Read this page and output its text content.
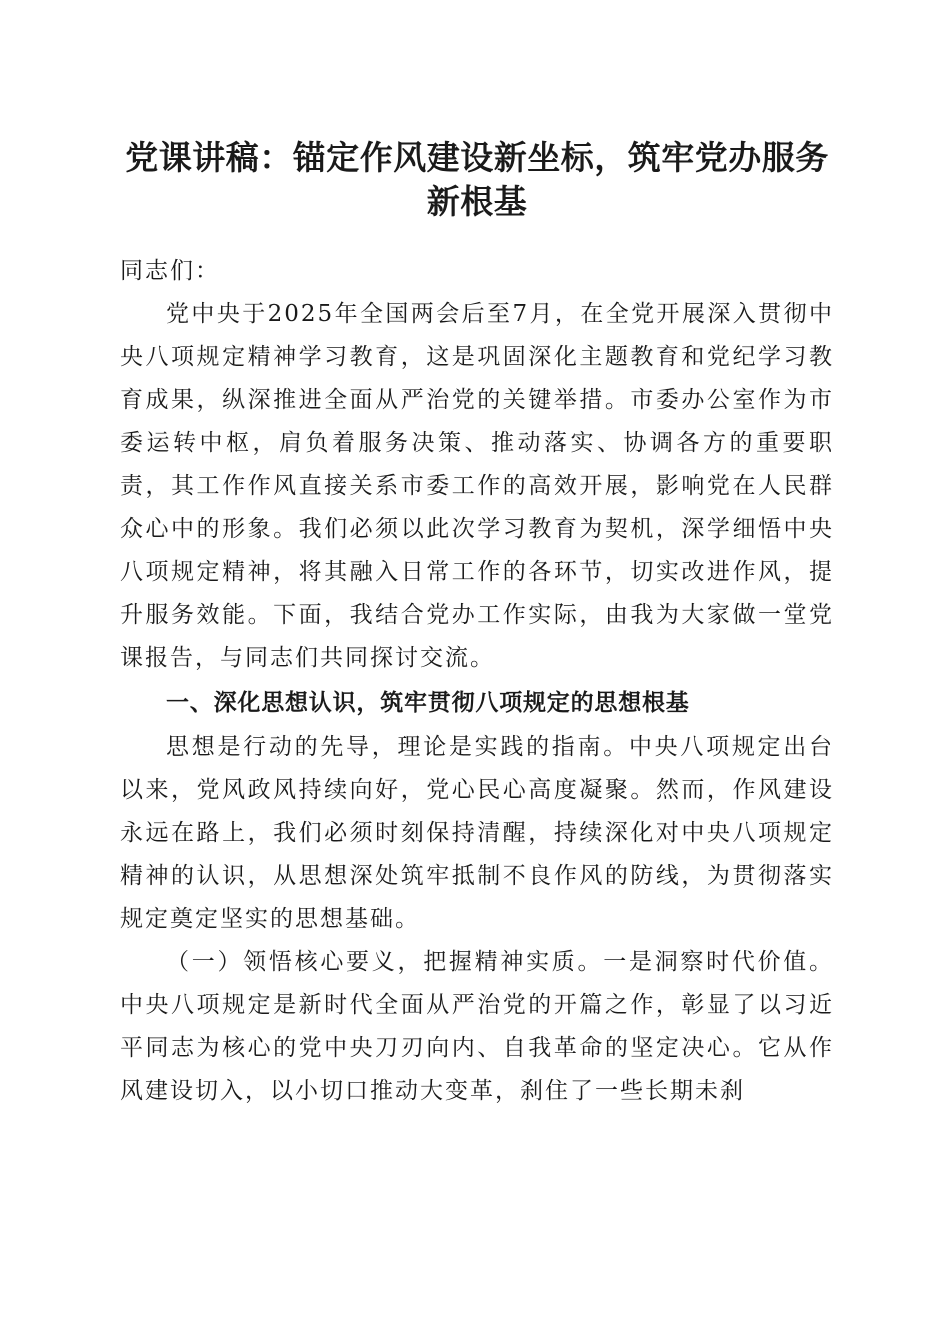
党课讲稿：锚定作风建设新坐标，筑牢党办服务新根基

同志们：

党中央于2025年全国两会后至7月，在全党开展深入贯彻中央八项规定精神学习教育，这是巩固深化主题教育和党纪学习教育成果，纵深推进全面从严治党的关键举措。市委办公室作为市委运转中枢，肩负着服务决策、推动落实、协调各方的重要职责，其工作作风直接关系市委工作的高效开展，影响党在人民群众心中的形象。我们必须以此次学习教育为契机，深学细悟中央八项规定精神，将其融入日常工作的各环节，切实改进作风，提升服务效能。下面，我结合党办工作实际，由我为大家做一堂党课报告，与同志们共同探讨交流。

一、深化思想认识，筑牢贯彻八项规定的思想根基

思想是行动的先导，理论是实践的指南。中央八项规定出台以来，党风政风持续向好，党心民心高度凝聚。然而，作风建设永远在路上，我们必须时刻保持清醒，持续深化对中央八项规定精神的认识，从思想深处筑牢抵制不良作风的防线，为贯彻落实规定奠定坚实的思想基础。

（一）领悟核心要义，把握精神实质。一是洞察时代价值。中央八项规定是新时代全面从严治党的开篇之作，彰显了以习近平同志为核心的党中央刀刃向内、自我革命的坚定决心。它从作风建设切入，以小切口推动大变革，刹住了一些长期未刹
